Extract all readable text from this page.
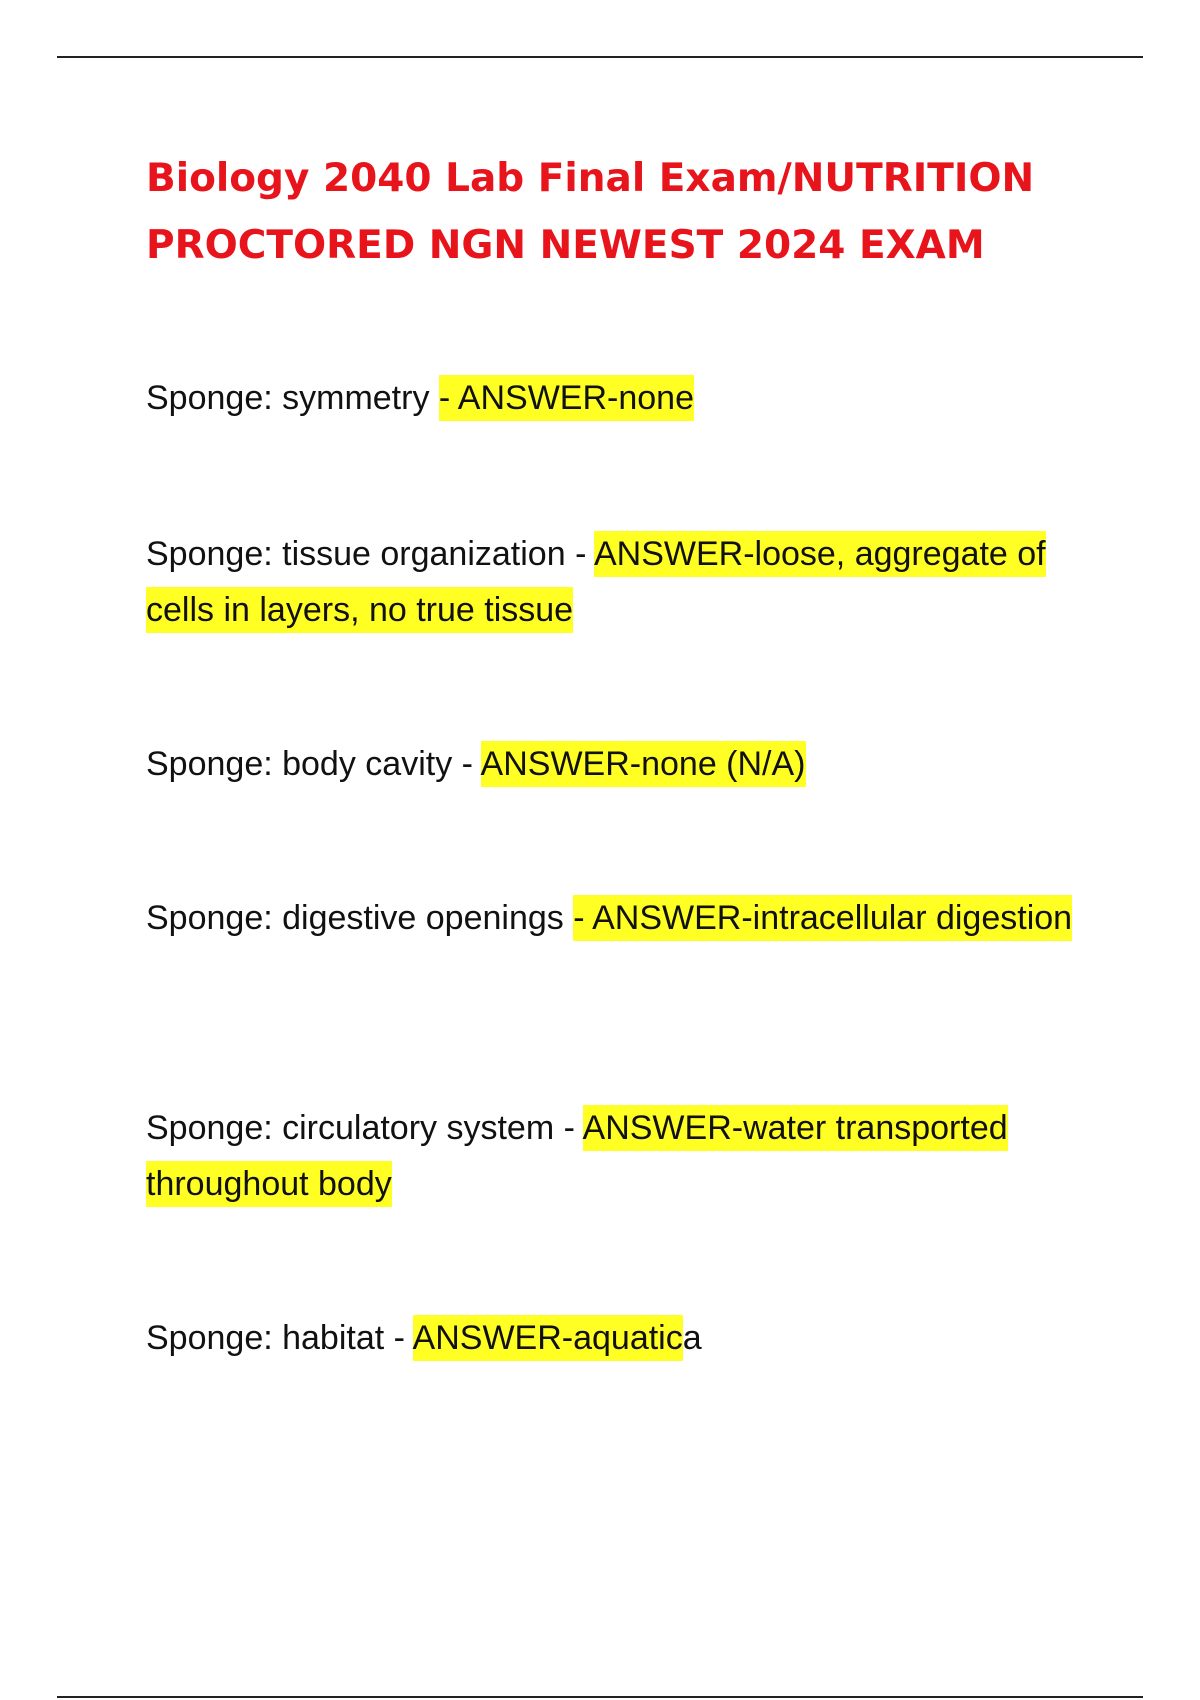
Biology 2040 Lab Final Exam/NUTRITION
PROCTORED NGN NEWEST 2024 EXAM

Sponge: symmetry - ANSWER-none

Sponge: tissue organization - ANSWER-loose, aggregate of cells in layers, no true tissue

Sponge: body cavity - ANSWER-none (N/A)

Sponge: digestive openings - ANSWER-intracellular digestion

Sponge: circulatory system - ANSWER-water transported throughout body

Sponge: habitat - ANSWER-aquatica
